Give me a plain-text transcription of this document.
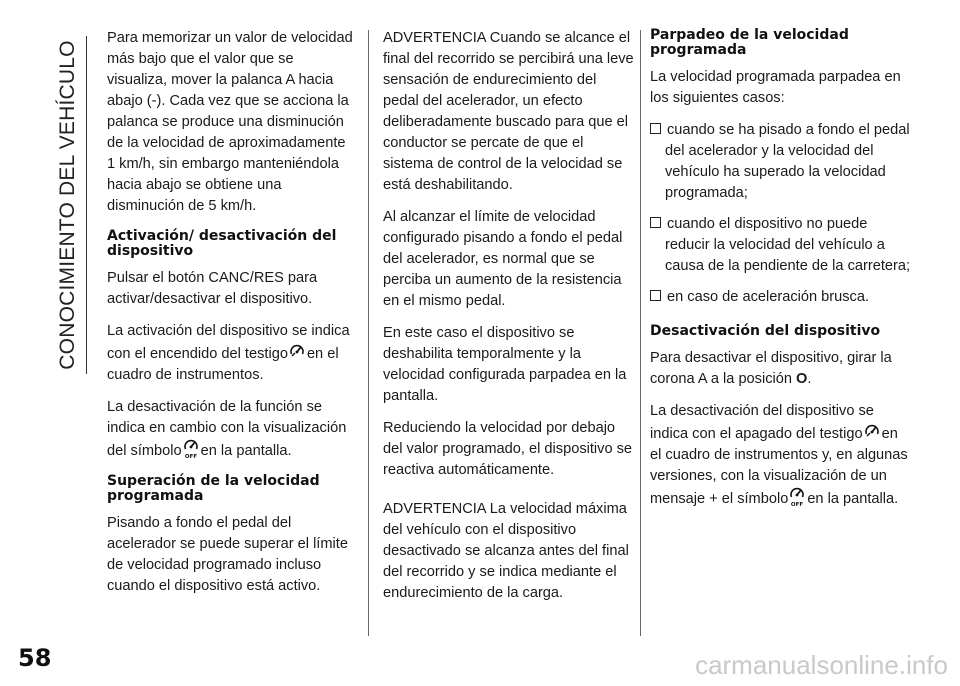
CONOCIMIENTO DEL VEHÍCULO
58	carmanualsonline.info

Para memorizar un valor de velocidad más bajo que el valor que se visualiza, mover la palanca A hacia abajo (-). Cada vez que se acciona la palanca se produce una disminución de la velocidad de aproximadamente 1 km/h, sin embargo manteniéndola hacia abajo se obtiene una disminución de 5 km/h.

Activación/ desactivación del dispositivo

Pulsar el botón CANC/RES para activar/desactivar el dispositivo.

La activación del dispositivo se indica con el encendido del testigo en el cuadro de instrumentos.

La desactivación de la función se indica en cambio con la visualización del símbolo OFF en la pantalla.

Superación de la velocidad programada

Pisando a fondo el pedal del acelerador se puede superar el límite de velocidad programado incluso cuando el dispositivo está activo.

ADVERTENCIA Cuando se alcance el final del recorrido se percibirá una leve sensación de endurecimiento del pedal del acelerador, un efecto deliberadamente buscado para que el conductor se percate de que el sistema de control de la velocidad se está deshabilitando.

Al alcanzar el límite de velocidad configurado pisando a fondo el pedal del acelerador, es normal que se perciba un aumento de la resistencia en el mismo pedal.

En este caso el dispositivo se deshabilita temporalmente y la velocidad configurada parpadea en la pantalla.

Reduciendo la velocidad por debajo del valor programado, el dispositivo se reactiva automáticamente.

ADVERTENCIA La velocidad máxima del vehículo con el dispositivo desactivado se alcanza antes del final del recorrido y se indica mediante el endurecimiento de la carga.

Parpadeo de la velocidad programada

La velocidad programada parpadea en los siguientes casos:

cuando se ha pisado a fondo el pedal del acelerador y la velocidad del vehículo ha superado la velocidad programada;
cuando el dispositivo no puede reducir la velocidad del vehículo a causa de la pendiente de la carretera;
en caso de aceleración brusca.
Desactivación del dispositivo

Para desactivar el dispositivo, girar la corona A a la posición O.

La desactivación del dispositivo se indica con el apagado del testigo en el cuadro de instrumentos y, en algunas versiones, con la visualización de un mensaje + el símbolo OFF en la pantalla.
